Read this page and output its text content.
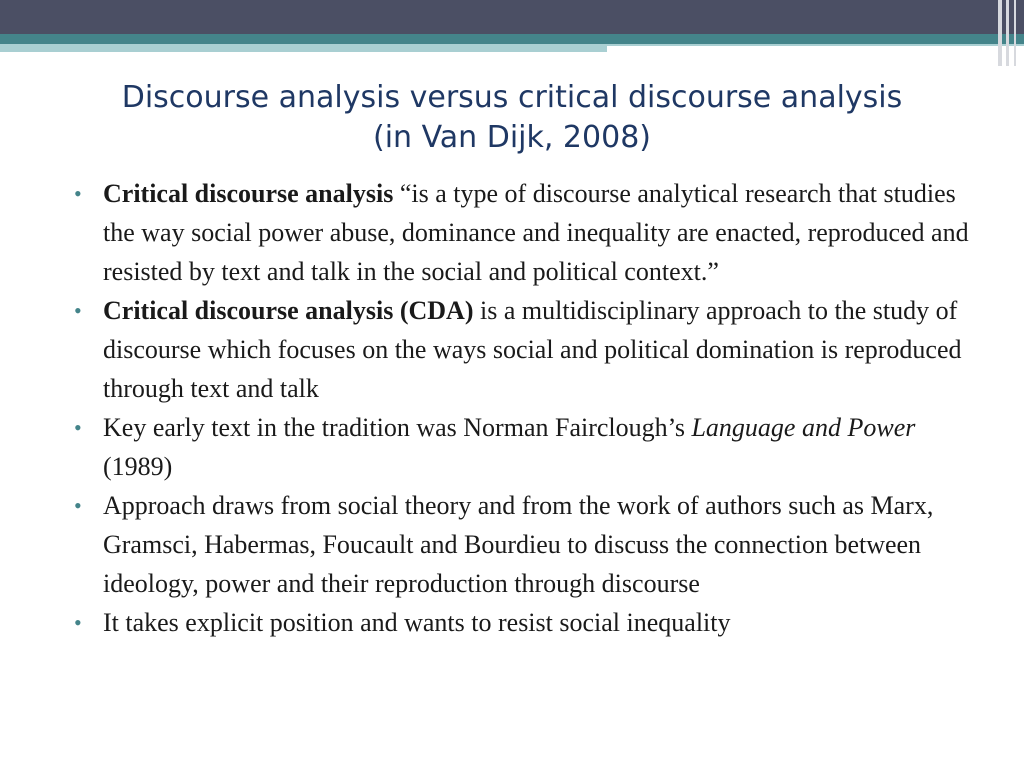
Discourse analysis versus critical discourse analysis
(in Van Dijk, 2008)

• Critical discourse analysis “is a type of discourse analytical research that studies the way social power abuse, dominance and inequality are enacted, reproduced and resisted by text and talk in the social and political context.”

• Critical discourse analysis (CDA) is a multidisciplinary approach to the study of discourse which focuses on the ways social and political domination is reproduced through text and talk

• Key early text in the tradition was Norman Fairclough’s Language and Power (1989)

• Approach draws from social theory and from the work of authors such as Marx, Gramsci, Habermas, Foucault and Bourdieu to discuss the connection between ideology, power and their reproduction through discourse

• It takes explicit position and wants to resist social inequality
